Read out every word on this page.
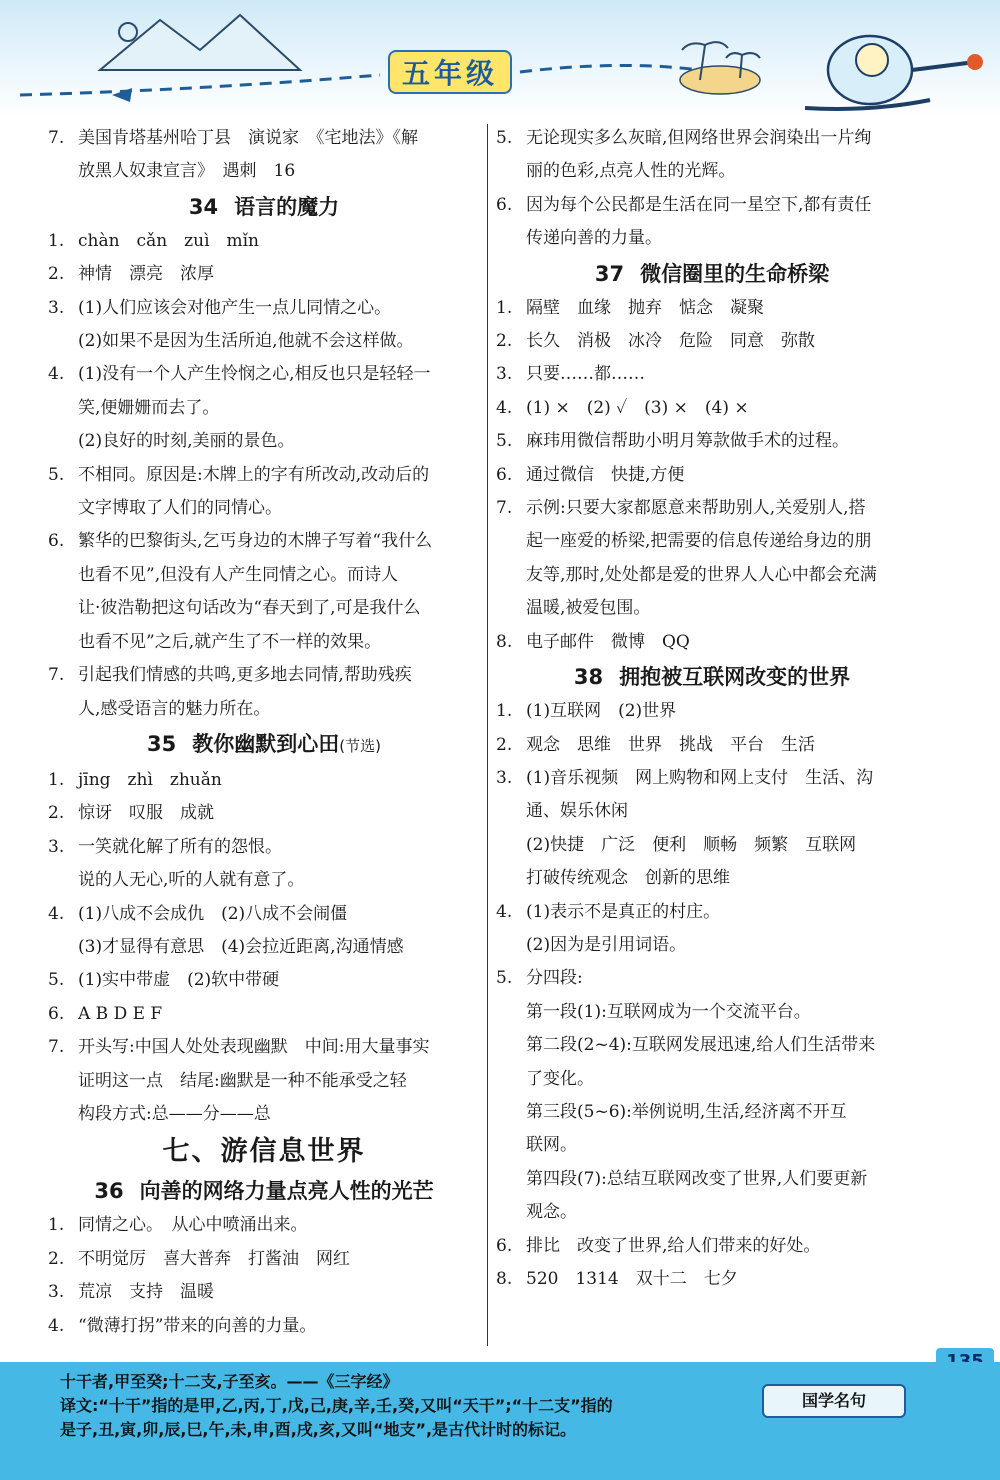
五年级
7. 美国肯塔基州哈丁县　演说家　《宅地法》《解
放黑人奴隶宣言》　遇刺　16
34 语言的魔力
1. chàn　cǎn　zuì　mǐn
2. 神情　漂亮　浓厚
3. (1)人们应该会对他产生一点儿同情之心。
(2)如果不是因为生活所迫,他就不会这样做。
4. (1)没有一个人产生怜悯之心,相反也只是轻轻一
笑,便姗姗而去了。
(2)良好的时刻,美丽的景色。
5. 不相同。原因是:木牌上的字有所改动,改动后的
文字博取了人们的同情心。
6. 繁华的巴黎街头,乞丐身边的木牌子写着“我什么
也看不见”,但没有人产生同情之心。而诗人
让·彼浩勒把这句话改为“春天到了,可是我什么
也看不见”之后,就产生了不一样的效果。
7. 引起我们情感的共鸣,更多地去同情,帮助残疾
人,感受语言的魅力所在。
35 教你幽默到心田(节选)
1. jīng　zhì　zhuǎn
2. 惊讶　叹服　成就
3. 一笑就化解了所有的怨恨。
说的人无心,听的人就有意了。
4. (1)八成不会成仇　(2)八成不会闹僵
(3)才显得有意思　(4)会拉近距离,沟通情感
5. (1)实中带虚　(2)软中带硬
6. A B D E F
7. 开头写:中国人处处表现幽默　中间:用大量事实
证明这一点　结尾:幽默是一种不能承受之轻
构段方式:总——分——总
七、游信息世界
36 向善的网络力量点亮人性的光芒
1. 同情之心。　从心中喷涌出来。
2. 不明觉厉　喜大普奔　打酱油　网红
3. 荒凉　支持　温暖
4. “微薄打拐”带来的向善的力量。
5. 无论现实多么灰暗,但网络世界会润染出一片绚
丽的色彩,点亮人性的光辉。
6. 因为每个公民都是生活在同一星空下,都有责任
传递向善的力量。
37 微信圈里的生命桥梁
1. 隔壁　血缘　抛弃　惦念　凝聚
2. 长久　消极　冰冷　危险　同意　弥散
3. 只要……都……
4. (1) ×　(2) ✓　(3) ×　(4) ×
5. 麻玮用微信帮助小明月筹款做手术的过程。
6. 通过微信　快捷,方便
7. 示例:只要大家都愿意来帮助别人,关爱别人,搭
起一座爱的桥梁,把需要的信息传递给身边的朋
友等,那时,处处都是爱的世界人人心中都会充满
温暖,被爱包围。
8. 电子邮件　微博　QQ
38 拥抱被互联网改变的世界
1. (1)互联网　(2)世界
2. 观念　思维　世界　挑战　平台　生活
3. (1)音乐视频　网上购物和网上支付　生活、沟
通、娱乐休闲
(2)快捷　广泛　便利　顺畅　频繁　互联网
打破传统观念　创新的思维
4. (1)表示不是真正的村庄。
(2)因为是引用词语。
5. 分四段:
第一段(1):互联网成为一个交流平台。
第二段(2~4):互联网发展迅速,给人们生活带来
了变化。
第三段(5~6):举例说明,生活,经济离不开互
联网。
第四段(7):总结互联网改变了世界,人们要更新
观念。
6. 排比　改变了世界,给人们带来的好处。
8. 520　1314　双十二　七夕
十干者,甲至癸;十二支,子至亥。——《三字经》
译文:“十干”指的是甲,乙,丙,丁,戊,己,庚,辛,壬,癸,又叫“天干”;“十二支”指的
是子,丑,寅,卯,辰,巳,午,未,申,酉,戌,亥,又叫“地支”,是古代计时的标记。
国学名句
